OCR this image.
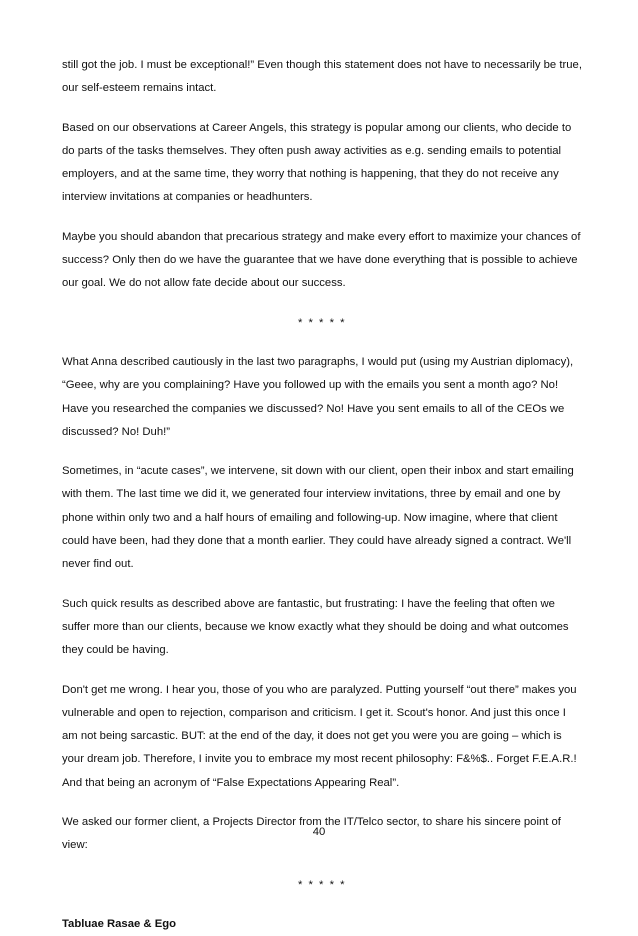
still got the job. I must be exceptional!” Even though this statement does not have to necessarily be true, our self-esteem remains intact.

Based on our observations at Career Angels, this strategy is popular among our clients, who decide to do parts of the tasks themselves. They often push away activities as e.g. sending emails to potential employers, and at the same time, they worry that nothing is happening, that they do not receive any interview invitations at companies or headhunters.

Maybe you should abandon that precarious strategy and make every effort to maximize your chances of success? Only then do we have the guarantee that we have done everything that is possible to achieve our goal. We do not allow fate decide about our success.

* * * * *

What Anna described cautiously in the last two paragraphs, I would put (using my Austrian diplomacy), “Geee, why are you complaining? Have you followed up with the emails you sent a month ago? No! Have you researched the companies we discussed? No! Have you sent emails to all of the CEOs we discussed? No! Duh!”

Sometimes, in “acute cases”, we intervene, sit down with our client, open their inbox and start emailing with them. The last time we did it, we generated four interview invitations, three by email and one by phone within only two and a half hours of emailing and following-up. Now imagine, where that client could have been, had they done that a month earlier. They could have already signed a contract. We'll never find out.

Such quick results as described above are fantastic, but frustrating: I have the feeling that often we suffer more than our clients, because we know exactly what they should be doing and what outcomes they could be having.

Don't get me wrong. I hear you, those of you who are paralyzed. Putting yourself “out there” makes you vulnerable and open to rejection, comparison and criticism. I get it. Scout's honor. And just this once I am not being sarcastic. BUT: at the end of the day, it does not get you were you are going – which is your dream job. Therefore, I invite you to embrace my most recent philosophy: F&%$.. Forget F.E.A.R.! And that being an acronym of “False Expectations Appearing Real”.

We asked our former client, a Projects Director from the IT/Telco sector, to share his sincere point of view:

* * * * *

Tabluae Rasae & Ego

40
